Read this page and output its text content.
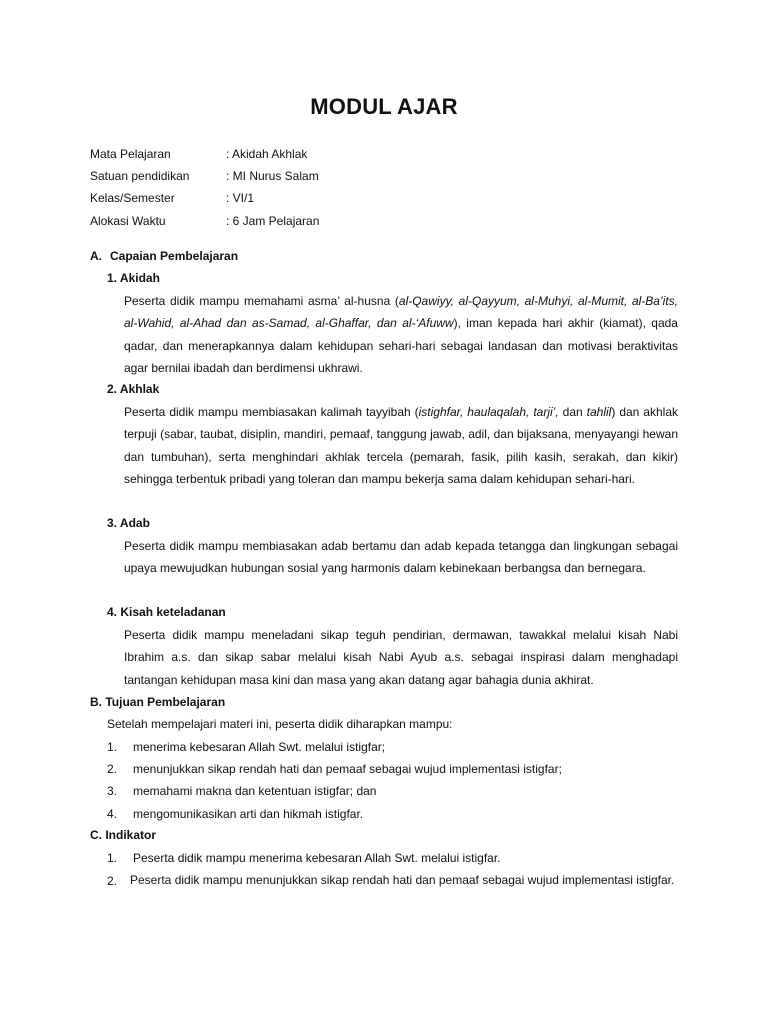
MODUL AJAR
Mata Pelajaran	: Akidah Akhlak
Satuan pendidikan	: MI Nurus Salam
Kelas/Semester	: VI/1
Alokasi Waktu	: 6 Jam Pelajaran
A. Capaian Pembelajaran
1. Akidah

Peserta didik mampu memahami asma’ al-husna (al-Qawiyy, al-Qayyum, al-Muhyi, al-Mumit, al-Ba’its, al-Wahid, al-Ahad dan as-Samad, al-Ghaffar, dan al-‘Afuww), iman kepada hari akhir (kiamat), qada qadar, dan menerapkannya dalam kehidupan sehari-hari sebagai landasan dan motivasi beraktivitas agar bernilai ibadah dan berdimensi ukhrawi.

2. Akhlak

Peserta didik mampu membiasakan kalimah tayyibah (istighfar, haulaqalah, tarji’, dan tahlil) dan akhlak terpuji (sabar, taubat, disiplin, mandiri, pemaaf, tanggung jawab, adil, dan bijaksana, menyayangi hewan dan tumbuhan), serta menghindari akhlak tercela (pemarah, fasik, pilih kasih, serakah, dan kikir) sehingga terbentuk pribadi yang toleran dan mampu bekerja sama dalam kehidupan sehari-hari.

3. Adab

Peserta didik mampu membiasakan adab bertamu dan adab kepada tetangga dan lingkungan sebagai upaya mewujudkan hubungan sosial yang harmonis dalam kebinekaan berbangsa dan bernegara.

4. Kisah keteladanan

Peserta didik mampu meneladani sikap teguh pendirian, dermawan, tawakkal melalui kisah Nabi Ibrahim a.s. dan sikap sabar melalui kisah Nabi Ayub a.s. sebagai inspirasi dalam menghadapi tantangan kehidupan masa kini dan masa yang akan datang agar bahagia dunia akhirat.

B. Tujuan Pembelajaran
Setelah mempelajari materi ini, peserta didik diharapkan mampu:
1. menerima kebesaran Allah Swt. melalui istigfar;
2. menunjukkan sikap rendah hati dan pemaaf sebagai wujud implementasi istigfar;
3. memahami makna dan ketentuan istigfar; dan
4. mengomunikasikan arti dan hikmah istigfar.
C. Indikator
1. Peserta didik mampu menerima kebesaran Allah Swt. melalui istigfar.
2. Peserta didik mampu menunjukkan sikap rendah hati dan pemaaf sebagai wujud implementasi istigfar.
